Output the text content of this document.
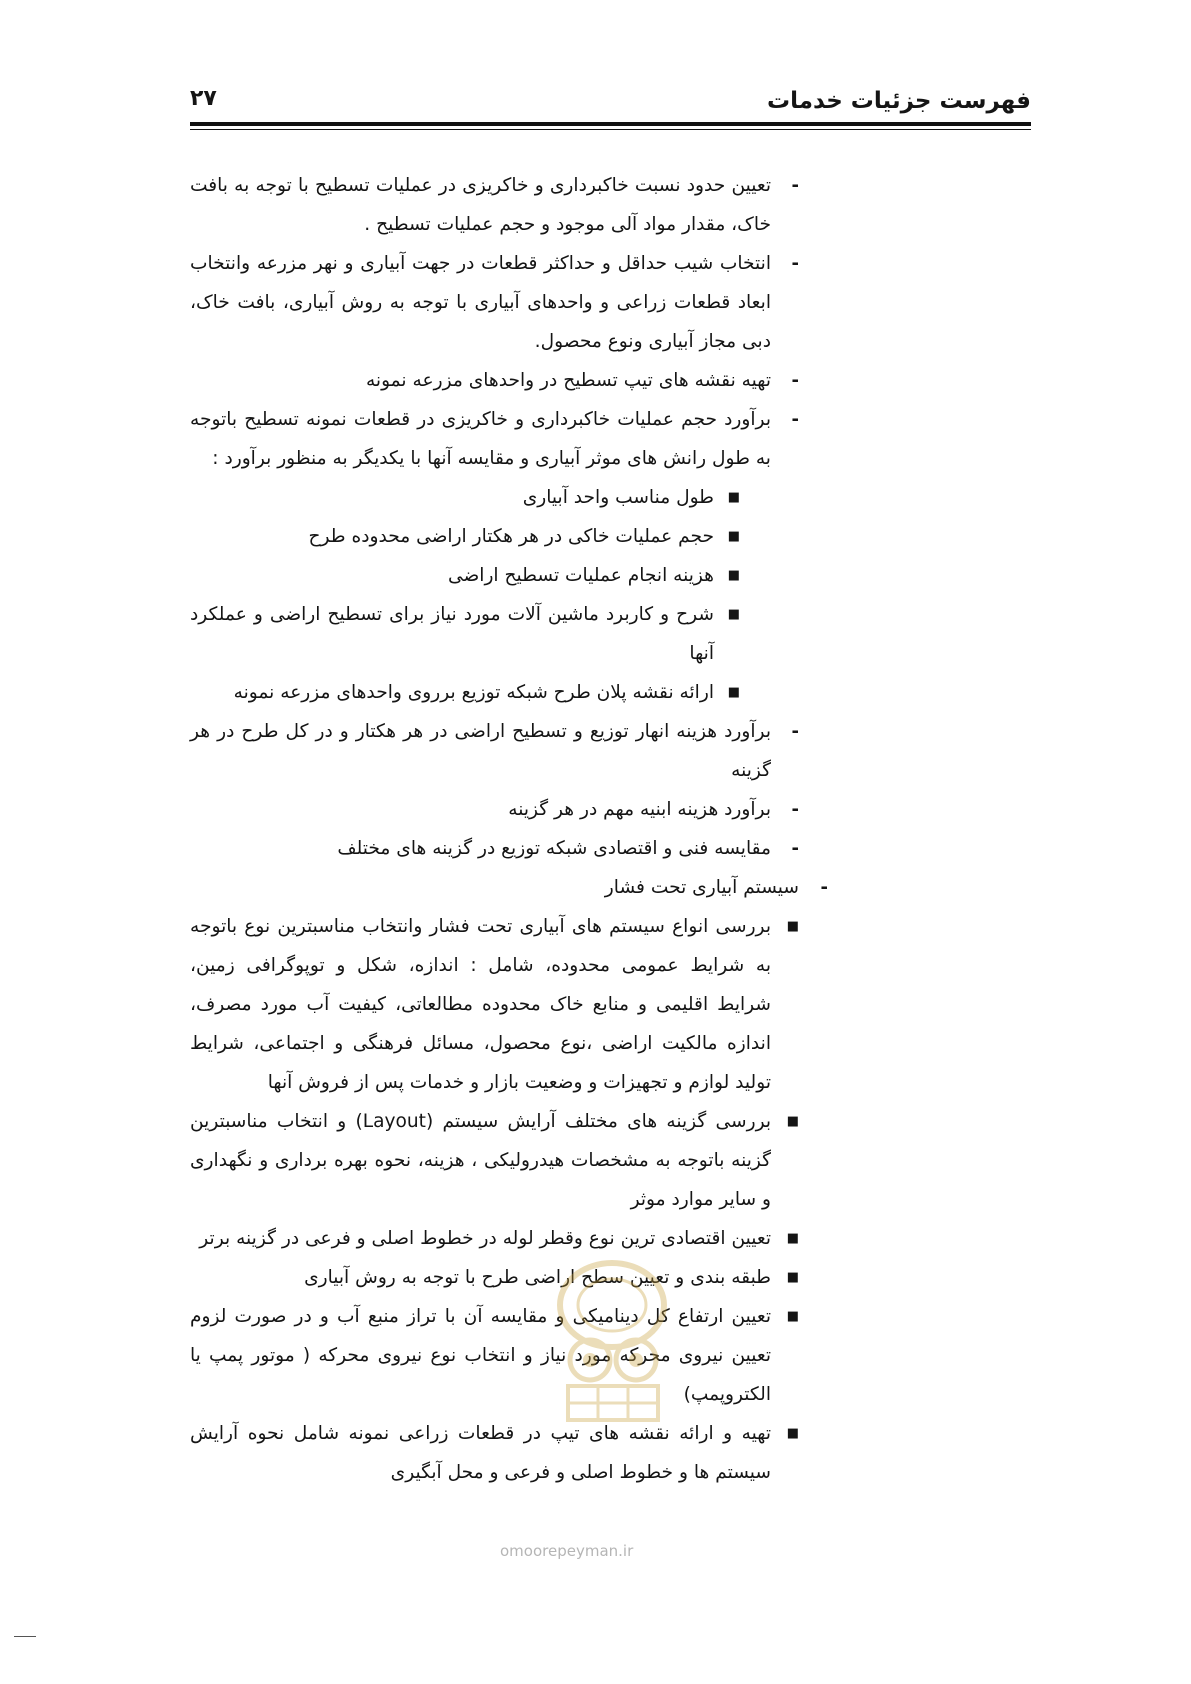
فهرست جزئیات خدمات
۲۷
-
تعیین حدود نسبت خاکبرداری و خاکریزی در عملیات تسطیح با توجه به بافت خاک، مقدار مواد آلی موجود و حجم عملیات تسطیح .
-
انتخاب شیب حداقل و حداکثر قطعات در جهت آبیاری و نهر مزرعه وانتخاب ابعاد قطعات زراعی و واحدهای آبیاری با توجه به روش آبیاری، بافت خاک، دبی مجاز آبیاری ونوع محصول.
-
تهیه نقشه های تیپ تسطیح در واحدهای مزرعه نمونه
-
برآورد حجم عملیات خاکبرداری و خاکریزی در قطعات نمونه تسطیح باتوجه به طول رانش های موثر آبیاری و مقایسه آنها با یکدیگر به منظور برآورد :
■
طول مناسب واحد آبیاری
■
حجم عملیات خاکی در هر هکتار اراضی محدوده طرح
■
هزینه انجام عملیات تسطیح اراضی
■
شرح و کاربرد ماشین آلات مورد نیاز برای تسطیح اراضی و عملکرد آنها
■
ارائه نقشه پلان طرح شبکه توزیع برروی واحدهای مزرعه نمونه
-
برآورد هزینه انهار توزیع و تسطیح اراضی در هر هکتار و در کل طرح در هر گزینه
-
برآورد هزینه ابنیه مهم در هر گزینه
-
مقایسه فنی و اقتصادی شبکه توزیع در گزینه های مختلف
-
سیستم آبیاری تحت فشار
■
بررسی انواع سیستم های آبیاری تحت فشار وانتخاب مناسبترین نوع باتوجه به شرایط عمومی محدوده، شامل : اندازه، شکل و توپوگرافی زمین، شرایط اقلیمی و منابع خاک محدوده مطالعاتی، کیفیت آب مورد مصرف، اندازه مالکیت اراضی ،نوع محصول، مسائل فرهنگی و اجتماعی، شرایط تولید لوازم و تجهیزات و وضعیت بازار و خدمات پس از فروش آنها
■
بررسی گزینه های مختلف آرایش سیستم (Layout) و انتخاب مناسبترین گزینه باتوجه به مشخصات هیدرولیکی ، هزینه، نحوه بهره برداری و نگهداری و سایر موارد موثر
■
تعیین اقتصادی ترین نوع وقطر لوله در خطوط اصلی و فرعی در گزینه برتر
■
طبقه بندی و تعیین سطح اراضی طرح با توجه به روش آبیاری
■
تعیین ارتفاع کل دینامیکی و مقایسه آن با تراز منبع آب و در صورت لزوم تعیین نیروی محرکه مورد نیاز و انتخاب نوع نیروی محرکه ( موتور پمپ یا الکتروپمپ)
■
تهیه و ارائه نقشه های تیپ در قطعات زراعی نمونه شامل نحوه آرایش سیستم ها و خطوط اصلی و فرعی و محل آبگیری
omoorepeyman.ir
